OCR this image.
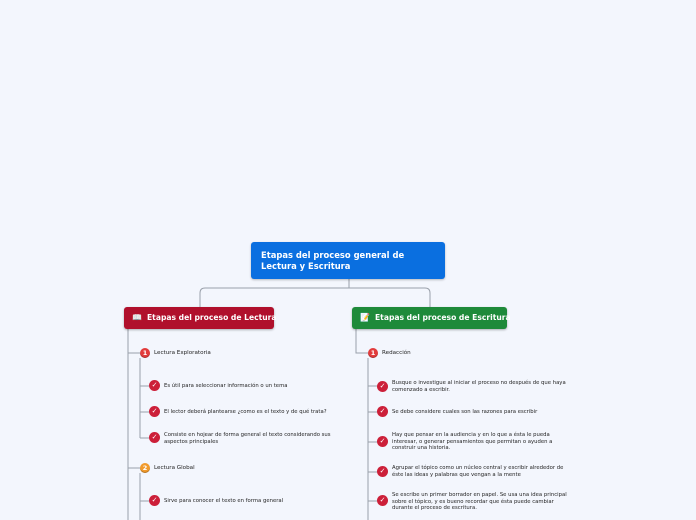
Etapas del proceso general de Lectura y Escritura
📖 Etapas del proceso de Lectura
1	Lectura Exploratoria
✓	Es útil para seleccionar información o un tema
✓	El lector deberá plantearse ¿como es el texto y de qué trata?
✓	Consiste en hojear de forma general el texto considerando sus aspectos principales
2	Lectura Global
✓	Sirve para conocer el texto en forma general
📝 Etapas del proceso de Escritura
1	Redacción
✓	Busque o investigue al iniciar el proceso no después de que haya comenzado a escribir.
✓	Se debe considere cuales son las razones para escribir
✓
Hay que pensar en la audiencia y en lo que a ésta le pueda interesar, o generar pensamientos que permitan o ayuden a construir una historia.
✓	Agrupar el tópico como un núcleo central y escribir alrededor de éste las ideas y palabras que vengan a la mente
✓
Se escribe un primer borrador en papel. Se usa una idea principal sobre el tópico, y es bueno recordar que ésta puede cambiar durante el proceso de escritura.
